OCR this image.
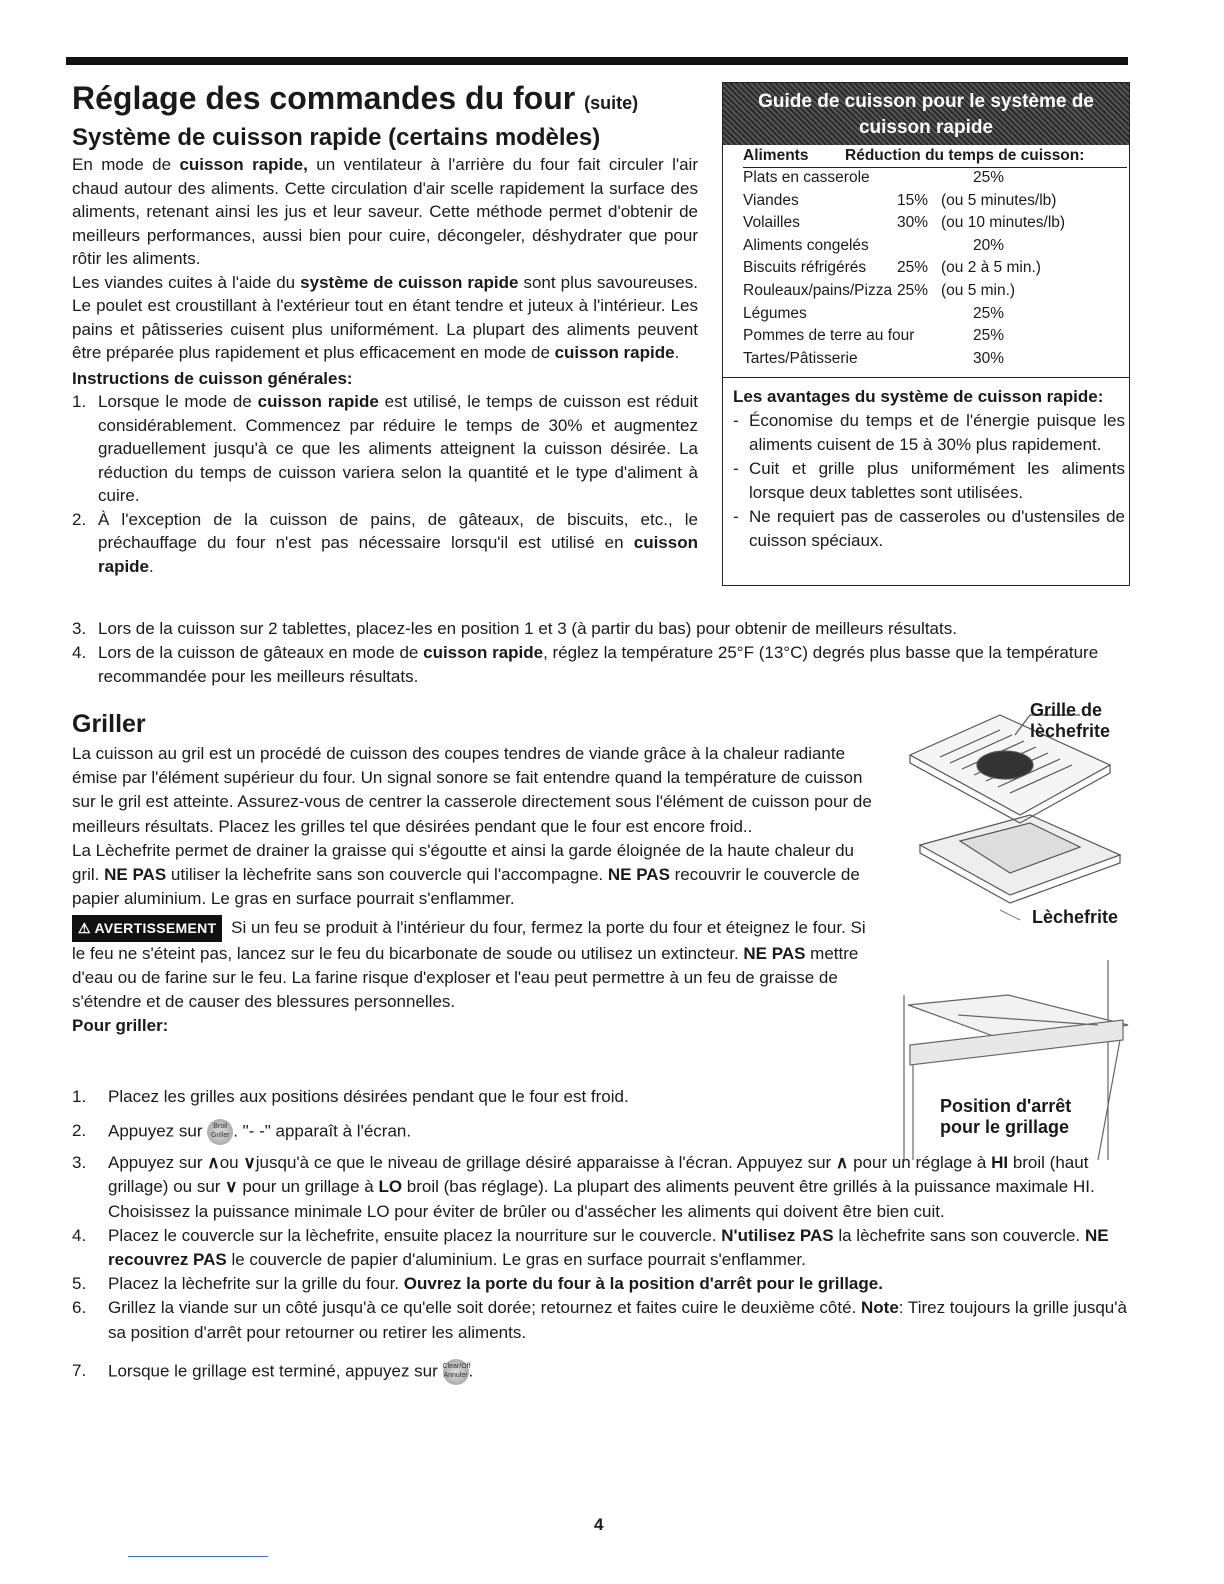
Réglage des commandes du four (suite)
Système de cuisson rapide (certains modèles)

En mode de cuisson rapide, un ventilateur à l'arrière du four fait circuler l'air chaud autour des aliments. Cette circulation d'air scelle rapidement la surface des aliments, retenant ainsi les jus et leur saveur. Cette méthode permet d'obtenir de meilleurs performances, aussi bien pour cuire, décongeler, déshydrater que pour rôtir les aliments.

Les viandes cuites à l'aide du système de cuisson rapide sont plus savoureuses. Le poulet est croustillant à l'extérieur tout en étant tendre et juteux à l'intérieur. Les pains et pâtisseries cuisent plus uniformément. La plupart des aliments peuvent être préparée plus rapidement et plus efficacement en mode de cuisson rapide.

Instructions de cuisson générales:
1. Lorsque le mode de cuisson rapide est utilisé, le temps de cuisson est réduit considérablement. Commencez par réduire le temps de 30% et augmentez graduellement jusqu'à ce que les aliments atteignent la cuisson désirée. La réduction du temps de cuisson variera selon la quantité et le type d'aliment à cuire.
2. À l'exception de la cuisson de pains, de gâteaux, de biscuits, etc., le préchauffage du four n'est pas nécessaire lorsqu'il est utilisé en cuisson rapide.
Guide de cuisson pour le système de
cuisson rapide
Aliments Réduction du temps de cuisson:
Plats en casserole	25%
Viandes	15% (ou 5 minutes/lb)
Volailles	30% (ou 10 minutes/lb)
Aliments congelés	20%
Biscuits réfrigérés 25% (ou 2 à 5 min.)
Rouleaux/pains/Pizza 25% (ou 5 min.)
Légumes	25%
Pommes de terre au four	25%
Tartes/Pâtisserie	30%
Les avantages du système de cuisson rapide:
- Économise du temps et de l'énergie puisque les aliments cuisent de 15 à 30% plus rapidement.
- Cuit et grille plus uniformément les aliments lorsque deux tablettes sont utilisées.
- Ne requiert pas de casseroles ou d'ustensiles de cuisson spéciaux.
3. Lors de la cuisson sur 2 tablettes, placez-les en position 1 et 3 (à partir du bas) pour obtenir de meilleurs résultats.
4. Lors de la cuisson de gâteaux en mode de cuisson rapide, réglez la température 25°F (13°C) degrés plus basse que la température recommandée pour les meilleurs résultats.
Griller

La cuisson au gril est un procédé de cuisson des coupes tendres de viande grâce à la chaleur radiante émise par l'élément supérieur du four. Un signal sonore se fait entendre quand la température de cuisson sur le gril est atteinte. Assurez-vous de centrer la casserole directement sous l'élément de cuisson pour de meilleurs résultats. Placez les grilles tel que désirées pendant que le four est encore froid..

La Lèchefrite permet de drainer la graisse qui s'égoutte et ainsi la garde éloignée de la haute chaleur du gril. NE PAS utiliser la lèchefrite sans son couvercle qui l'accompagne. NE PAS recouvrir le couvercle de papier aluminium. Le gras en surface pourrait s'enflammer.

⚠ AVERTISSEMENT Si un feu se produit à l'intérieur du four, fermez la porte du four et éteignez le four. Si le feu ne s'éteint pas, lancez sur le feu du bicarbonate de soude ou utilisez un extincteur. NE PAS mettre d'eau ou de farine sur le feu. La farine risque d'exploser et l'eau peut permettre à un feu de graisse de s'étendre et de causer des blessures personnelles.

Pour griller:
1. Placez les grilles aux positions désirées pendant que le four est froid.
2. Appuyez sur Broil
Griller . "- -" apparaît à l'écran.
3. Appuyez sur ∧ou ∨jusqu'à ce que le niveau de grillage désiré apparaisse à l'écran. Appuyez sur ∧ pour un réglage à HI broil (haut grillage) ou sur ∨ pour un grillage à LO broil (bas réglage). La plupart des aliments peuvent être grillés à la puissance maximale HI. Choisissez la puissance minimale LO pour éviter de brûler ou d'assécher les aliments qui doivent être bien cuit.
4. Placez le couvercle sur la lèchefrite, ensuite placez la nourriture sur le couvercle. N'utilisez PAS la lèchefrite sans son couvercle. NE recouvrez PAS le couvercle de papier d'aluminium. Le gras en surface pourrait s'enflammer.
5. Placez la lèchefrite sur la grille du four. Ouvrez la porte du four à la position d'arrêt pour le grillage.
6. Grillez la viande sur un côté jusqu'à ce qu'elle soit dorée; retournez et faites cuire le deuxième côté. Note: Tirez toujours la grille jusqu'à sa position d'arrêt pour retourner ou retirer les aliments.
7. Lorsque le grillage est terminé, appuyez sur Clear/Off
Annuler.
Grille de
lèchefrite
Lèchefrite
Position d'arrêt
pour le grillage
4
